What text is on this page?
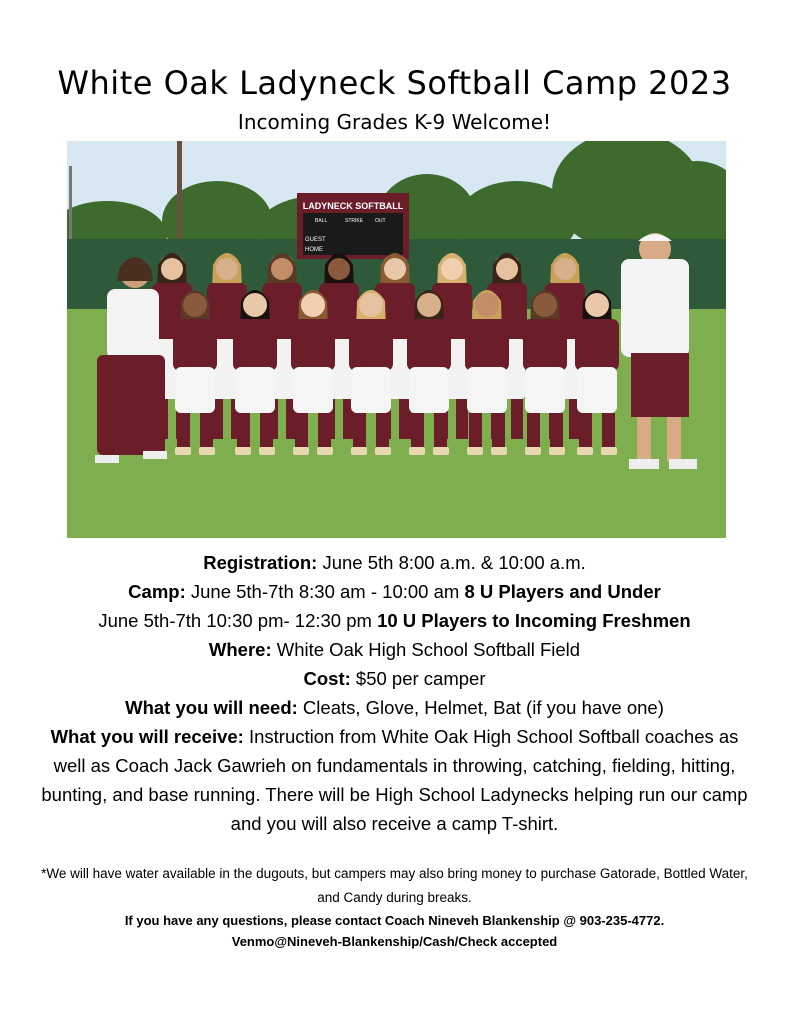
White Oak Ladyneck Softball Camp 2023
Incoming Grades K-9 Welcome!
LADYNECK SOFTBALL
BALL	STRIKE OUT
GUEST
HOME
Registration: June 5th 8:00 a.m. & 10:00 a.m.
Camp: June 5th-7th 8:30 am - 10:00 am 8 U Players and Under
June 5th-7th 10:30 pm- 12:30 pm 10 U Players to Incoming Freshmen
Where: White Oak High School Softball Field
Cost: $50 per camper
What you will need: Cleats, Glove, Helmet, Bat (if you have one)
What you will receive: Instruction from White Oak High School Softball coaches as well as Coach Jack Gawrieh on fundamentals in throwing, catching, fielding, hitting, bunting, and base running. There will be High School Ladynecks helping run our camp and you will also receive a camp T-shirt.
*We will have water available in the dugouts, but campers may also bring money to purchase Gatorade, Bottled Water, and Candy during breaks.
If you have any questions, please contact Coach Nineveh Blankenship @ 903-235-4772.
Venmo@Nineveh-Blankenship/Cash/Check accepted
